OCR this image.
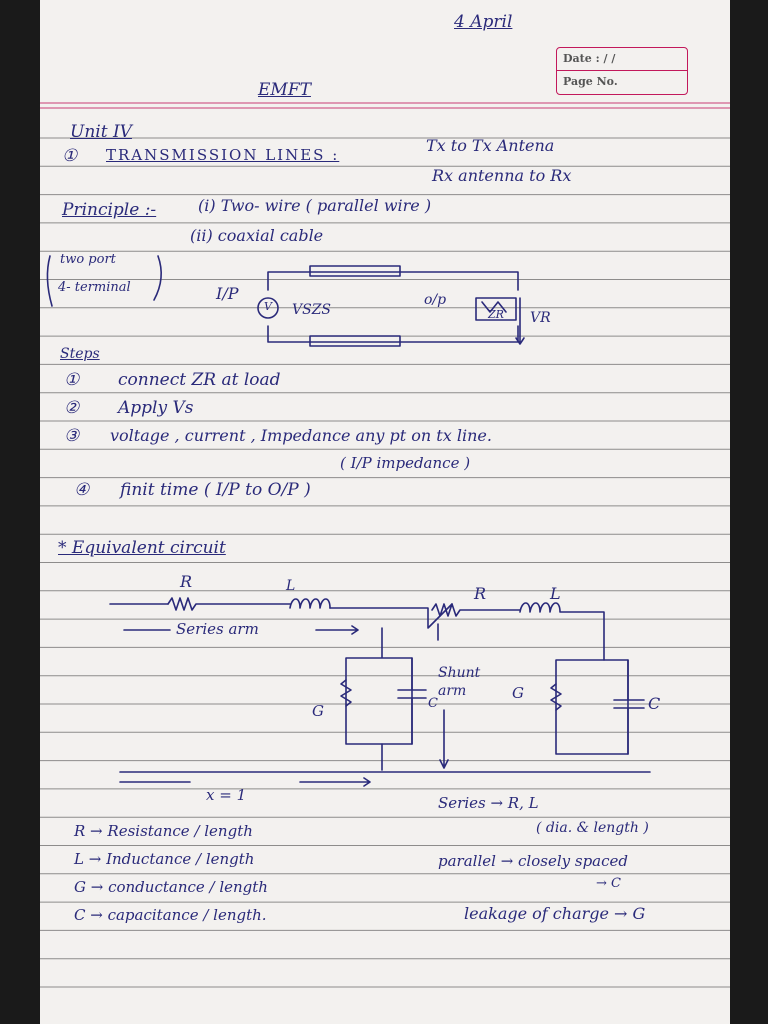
Date : / /
Page No.
4 April
EMFT
Unit IV
① TRANSMISSION LINES :	Tx to Tx Antena
Rx antenna to Rx
Principle :-	(i) Two- wire ( parallel wire )
(ii) coaxial cable
two port
4- terminal	I/P
V VSZS
o/p
ZR VR
Steps
① connect ZR at load
② Apply Vs
③ voltage , current , Impedance any pt on tx line.
( I/P impedance )
④ finit time ( I/P to O/P )
* Equivalent circuit
R	L
Series arm
R	L
Shunt arm
G	C
G
C
x = 1	Series → R, L
( dia. & length )
parallel → closely spaced
→ C
leakage of charge → G
R → Resistance / length
L → Inductance / length
G → conductance / length
C → capacitance / length.
